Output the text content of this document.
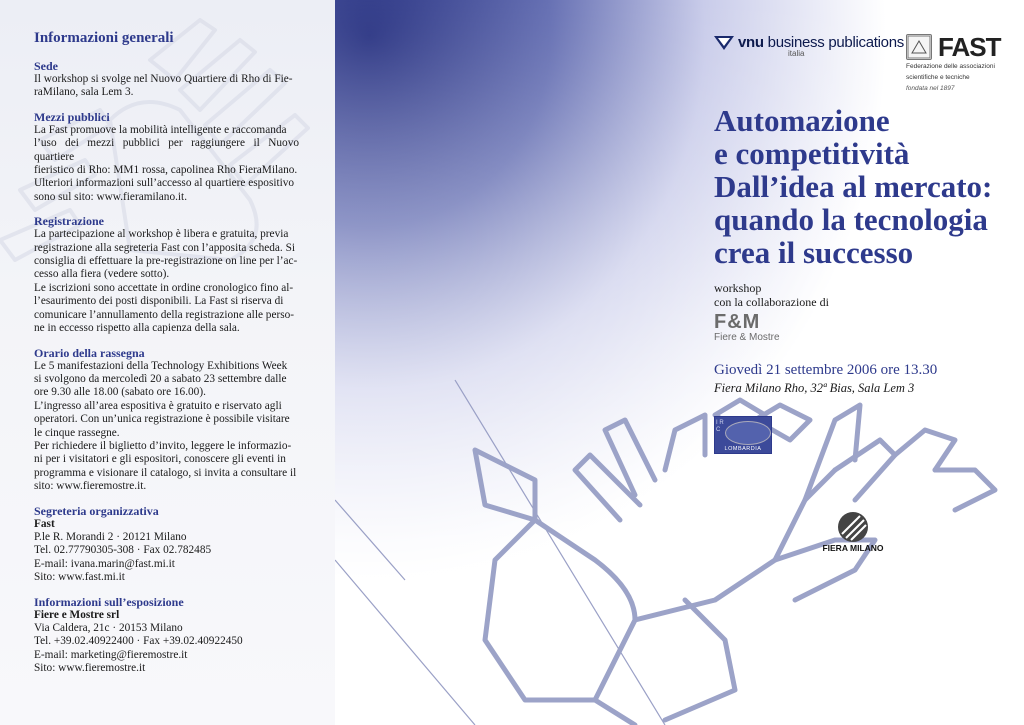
Informazioni generali
Sede
Il workshop si svolge nel Nuovo Quartiere di Rho di Fie-
raMilano, sala Lem 3.
Mezzi pubblici
La Fast promuove la mobilità intelligente e raccomanda
l’uso dei mezzi pubblici per raggiungere il Nuovo quartiere
fieristico di Rho: MM1 rossa, capolinea Rho FieraMilano.
Ulteriori informazioni sull’accesso al quartiere espositivo
sono sul sito: www.fieramilano.it.
Registrazione
La partecipazione al workshop è libera e gratuita, previa
registrazione alla segreteria Fast con l’apposita scheda. Si
consiglia di effettuare la pre-registrazione on line per l’ac-
cesso alla fiera (vedere sotto).
Le iscrizioni sono accettate in ordine cronologico fino al-
l’esaurimento dei posti disponibili. La Fast si riserva di
comunicare l’annullamento della registrazione alle perso-
ne in eccesso rispetto alla capienza della sala.
Orario della rassegna
Le 5 manifestazioni della Technology Exhibitions Week
si svolgono da mercoledì 20 a sabato 23 settembre dalle
ore 9.30 alle 18.00 (sabato ore 16.00).
L’ingresso all’area espositiva è gratuito e riservato agli
operatori. Con un’unica registrazione è possibile visitare
le cinque rassegne.
Per richiedere il biglietto d’invito, leggere le informazio-
ni per i visitatori e gli espositori, conoscere gli eventi in
programma e visionare il catalogo, si invita a consultare il
sito: www.fieremostre.it.
Segreteria organizzativa
Fast
P.le R. Morandi 2 · 20121 Milano
Tel. 02.77790305-308 · Fax 02.782485
E-mail: ivana.marin@fast.mi.it
Sito: www.fast.mi.it
Informazioni sull’esposizione
Fiere e Mostre srl
Via Caldera, 21c · 20153 Milano
Tel. +39.02.40922400 · Fax +39.02.40922450
E-mail: marketing@fieremostre.it
Sito: www.fieremostre.it
vnu business publications
italia	FAST
Federazione delle associazioni
scientifiche e tecniche
fondata nel 1897
Automazione
e competitività
Dall’idea al mercato:
quando la tecnologia
crea il successo
workshop
con la collaborazione di
F&M
Fiere & Mostre
Giovedì 21 settembre 2006 ore 13.30
Fiera Milano Rho, 32ª Bias, Sala Lem 3
I R C
LOMBARDIA
FIERA MILANO
